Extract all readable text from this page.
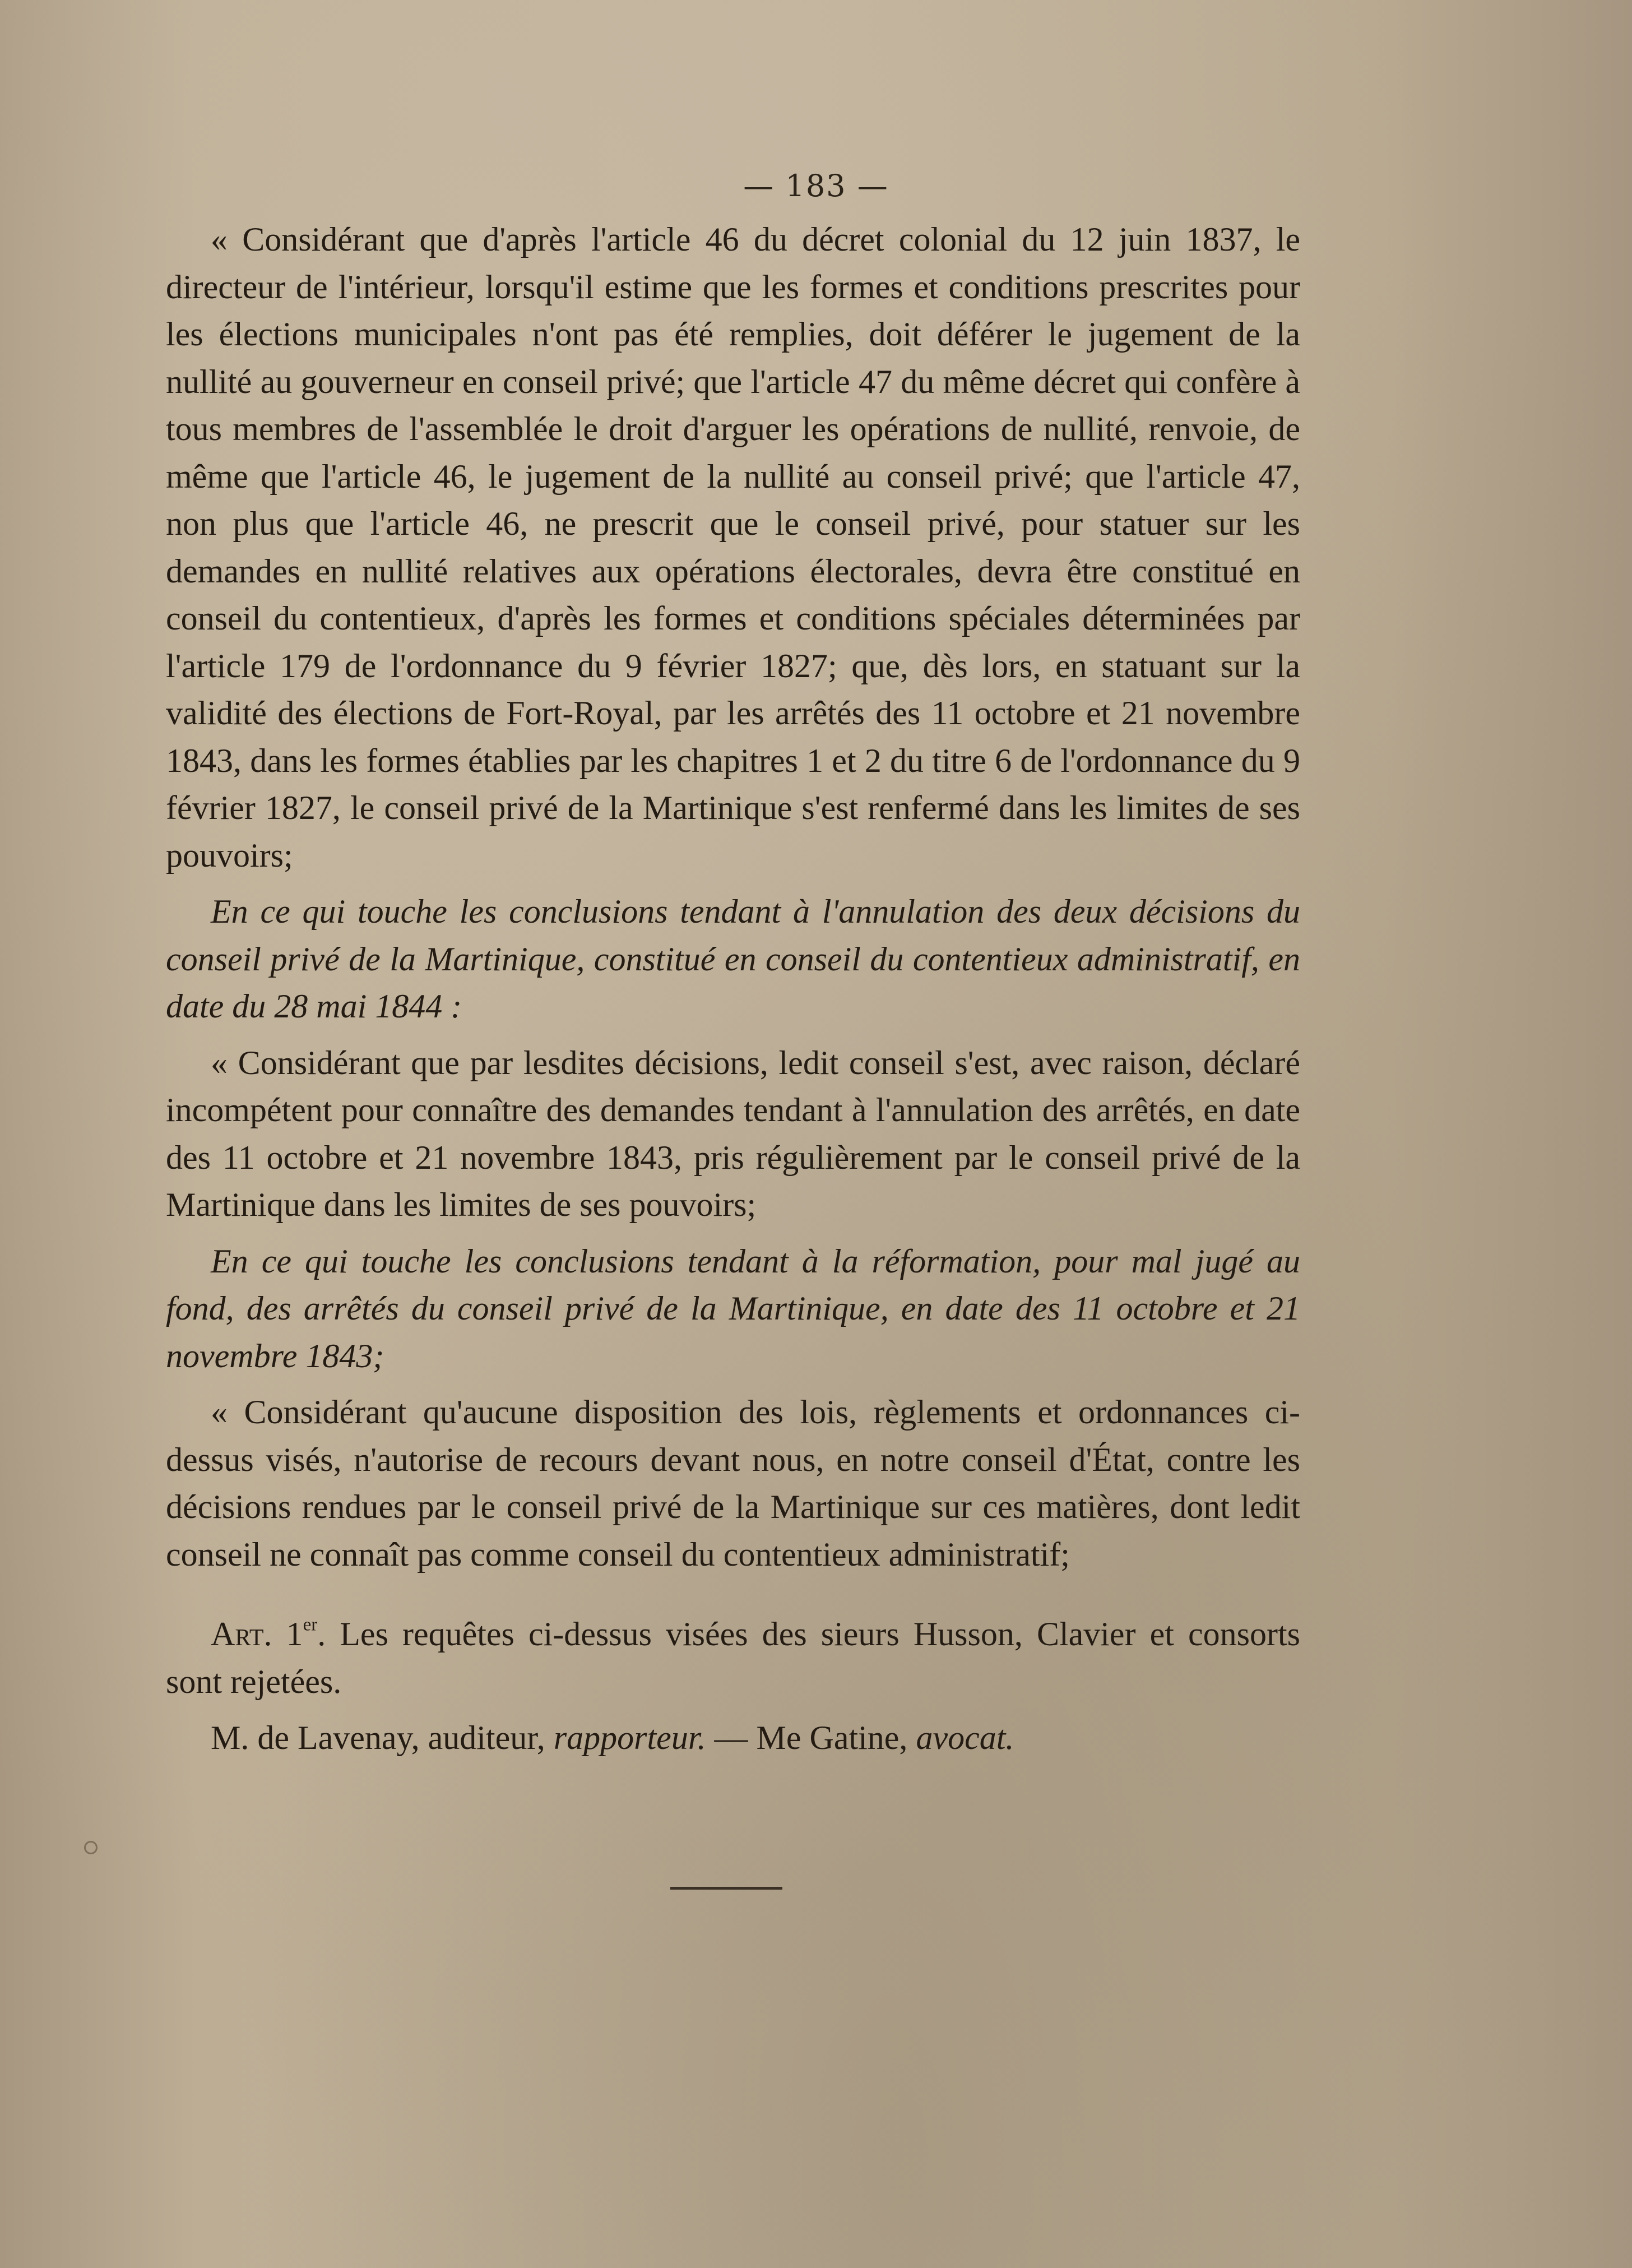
— 183 —

« Considérant que d'après l'article 46 du décret colonial du 12 juin 1837, le directeur de l'intérieur, lorsqu'il estime que les formes et conditions prescrites pour les élections municipales n'ont pas été remplies, doit déférer le jugement de la nullité au gouverneur en conseil privé; que l'article 47 du même décret qui confère à tous membres de l'assemblée le droit d'arguer les opérations de nullité, renvoie, de même que l'article 46, le jugement de la nullité au conseil privé; que l'article 47, non plus que l'article 46, ne prescrit que le conseil privé, pour statuer sur les demandes en nullité relatives aux opérations électorales, devra être constitué en conseil du contentieux, d'après les formes et conditions spéciales déterminées par l'article 179 de l'ordonnance du 9 février 1827; que, dès lors, en statuant sur la validité des élections de Fort-Royal, par les arrêtés des 11 octobre et 21 novembre 1843, dans les formes établies par les chapitres 1 et 2 du titre 6 de l'ordonnance du 9 février 1827, le conseil privé de la Martinique s'est renfermé dans les limites de ses pouvoirs;

En ce qui touche les conclusions tendant à l'annulation des deux décisions du conseil privé de la Martinique, constitué en conseil du contentieux administratif, en date du 28 mai 1844 :

« Considérant que par lesdites décisions, ledit conseil s'est, avec raison, déclaré incompétent pour connaître des demandes tendant à l'annulation des arrêtés, en date des 11 octobre et 21 novembre 1843, pris régulièrement par le conseil privé de la Martinique dans les limites de ses pouvoirs;

En ce qui touche les conclusions tendant à la réformation, pour mal jugé au fond, des arrêtés du conseil privé de la Martinique, en date des 11 octobre et 21 novembre 1843;

« Considérant qu'aucune disposition des lois, règlements et ordonnances ci-dessus visés, n'autorise de recours devant nous, en notre conseil d'État, contre les décisions rendues par le conseil privé de la Martinique sur ces matières, dont ledit conseil ne connaît pas comme conseil du contentieux administratif;

Art. 1er. Les requêtes ci-dessus visées des sieurs Husson, Clavier et consorts sont rejetées.

M. de Lavenay, auditeur, rapporteur. — Me Gatine, avocat.
